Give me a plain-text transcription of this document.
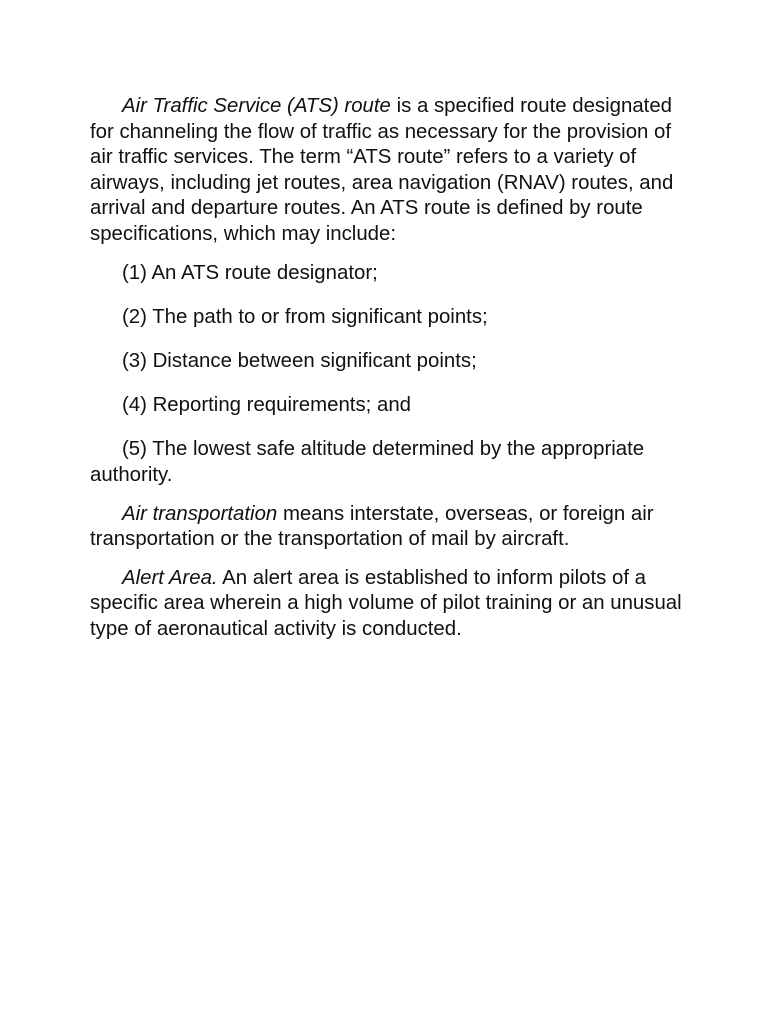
Air Traffic Service (ATS) route is a specified route designated for channeling the flow of traffic as necessary for the provision of air traffic services. The term “ATS route” refers to a variety of airways, including jet routes, area navigation (RNAV) routes, and arrival and departure routes. An ATS route is defined by route specifications, which may include:

(1) An ATS route designator;

(2) The path to or from significant points;

(3) Distance between significant points;

(4) Reporting requirements; and

(5) The lowest safe altitude determined by the appropriate authority.

Air transportation means interstate, overseas, or foreign air transportation or the transportation of mail by aircraft.

Alert Area. An alert area is established to inform pilots of a specific area wherein a high volume of pilot training or an unusual type of aeronautical activity is conducted.
